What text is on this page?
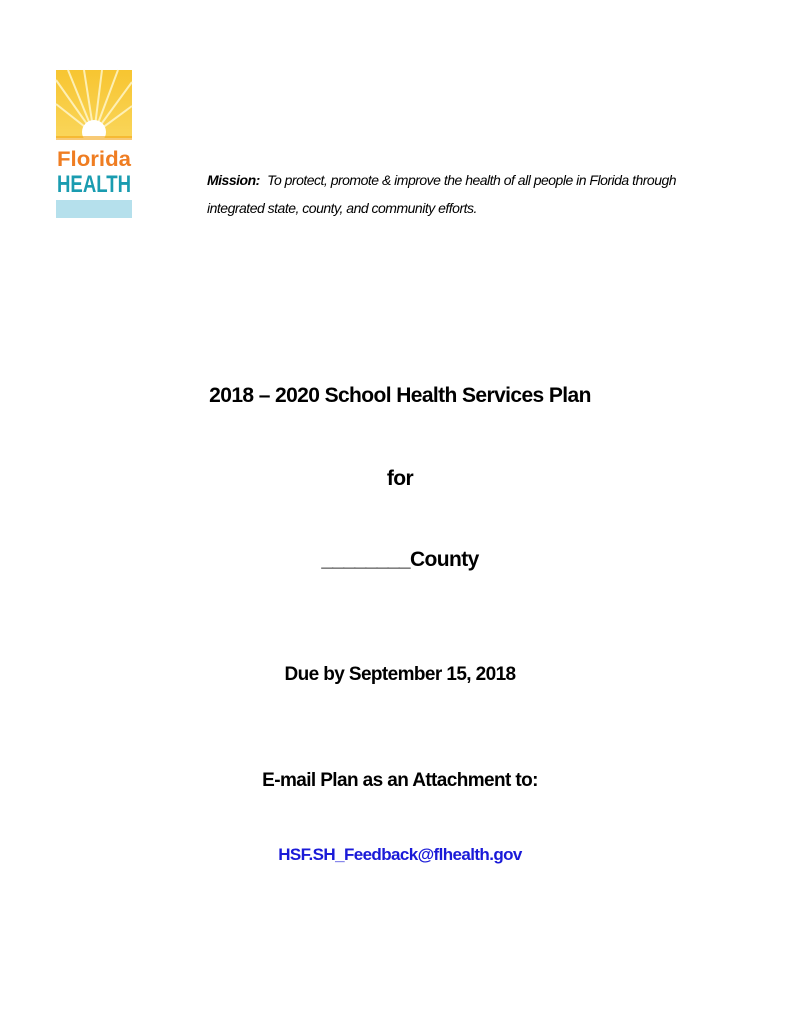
Florida
HEALTH	Mission: To protect, promote & improve the health of all people in Florida through integrated state, county, and community efforts.
2018 – 2020 School Health Services Plan
for
________County
Due by September 15, 2018
E-mail Plan as an Attachment to:
HSF.SH_Feedback@flhealth.gov
